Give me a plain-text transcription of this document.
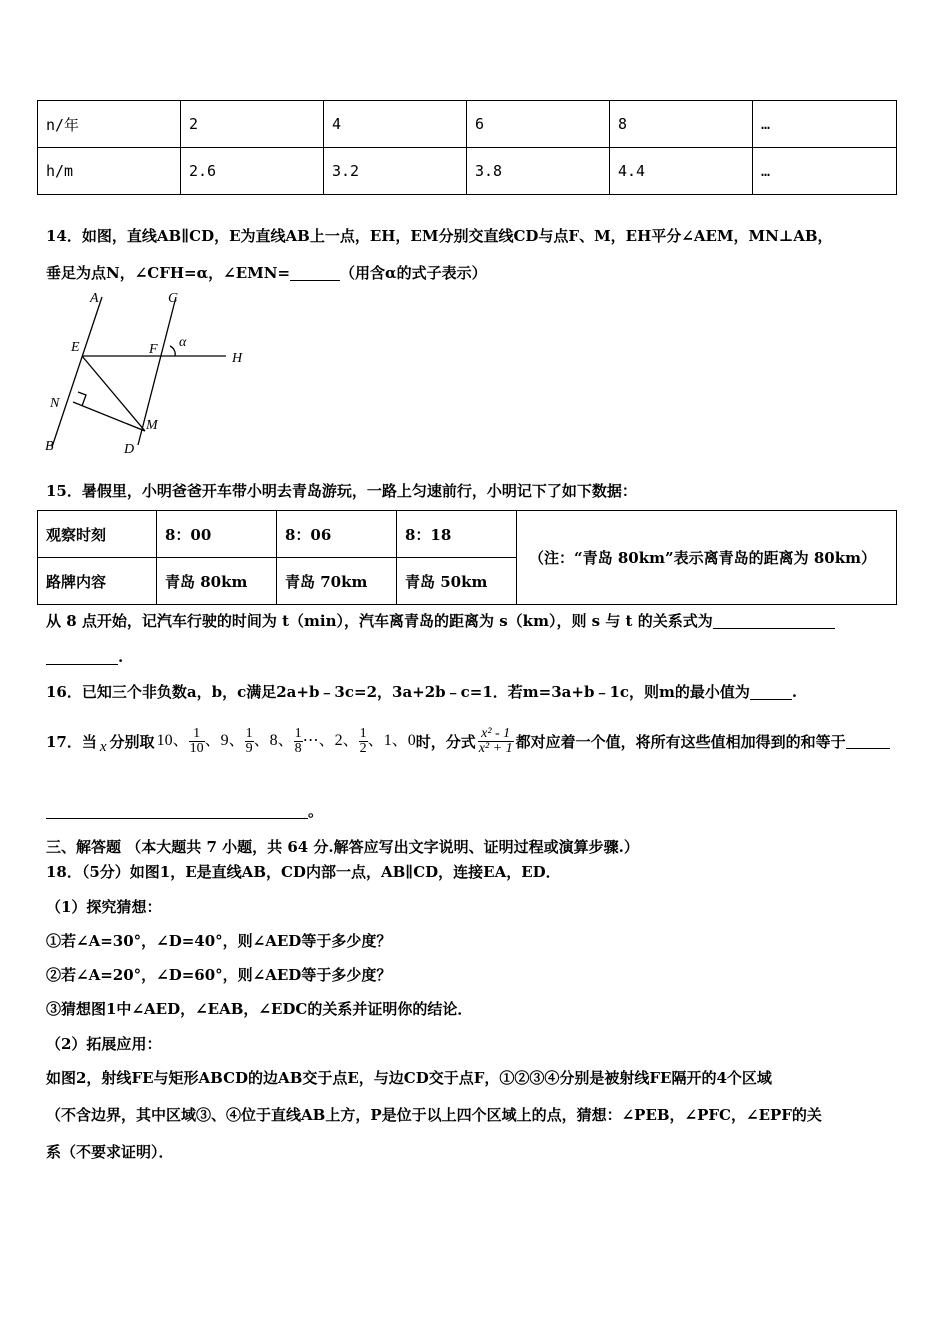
n/年	2	4	6	8	…
h/m	2.6	3.2	3.8	4.4	…
14．如图，直线AB∥CD，E为直线AB上一点，EH，EM分别交直线CD与点F、M，EH平分∠AEM，MN⊥AB，
垂足为点N，∠CFH=α，∠EMN=	（用含α的式子表示）
A
B
C
D
E	F
H
M
N
α
15．暑假里，小明爸爸开车带小明去青岛游玩，一路上匀速前行，小明记下了如下数据：
观察时刻	8：00	8：06	8：18	（注：“青岛 80km”表示离青岛的距离为 80km）
路牌内容	青岛 80km	青岛 70km	青岛 50km	
从 8 点开始，记汽车行驶的时间为 t（min），汽车离青岛的距离为 s（km），则 s 与 t 的关系式为
.
16．已知三个非负数a，b，c满足2a+b﹣3c=2，3a+2b﹣c=1．若m=3a+b﹣1c，则m的最小值为	.
17．当 x 分别取 10、 $\frac{1}{10}$ 、9、 $\frac{1}{9}$ 、8、 $\frac{1}{8}$ ⋯、2、 $\frac{1}{2}$ 、1、0 时，分式 $\frac{\text{x² - 1}}{\text{x² + 1}}$ 都对应着一个值，将所有这些值相加得到的和等于
。
三、解答题 （本大题共 7 小题，共 64 分.解答应写出文字说明、证明过程或演算步骤.）
18．（5分）如图1，E是直线AB，CD内部一点，AB∥CD，连接EA，ED．
（1）探究猜想：
①若∠A=30°，∠D=40°，则∠AED等于多少度？
②若∠A=20°，∠D=60°，则∠AED等于多少度？
③猜想图1中∠AED，∠EAB，∠EDC的关系并证明你的结论．
（2）拓展应用：
如图2，射线FE与矩形ABCD的边AB交于点E，与边CD交于点F，①②③④分别是被射线FE隔开的4个区域
（不含边界，其中区域③、④位于直线AB上方，P是位于以上四个区域上的点，猜想：∠PEB，∠PFC，∠EPF的关
系（不要求证明）．
